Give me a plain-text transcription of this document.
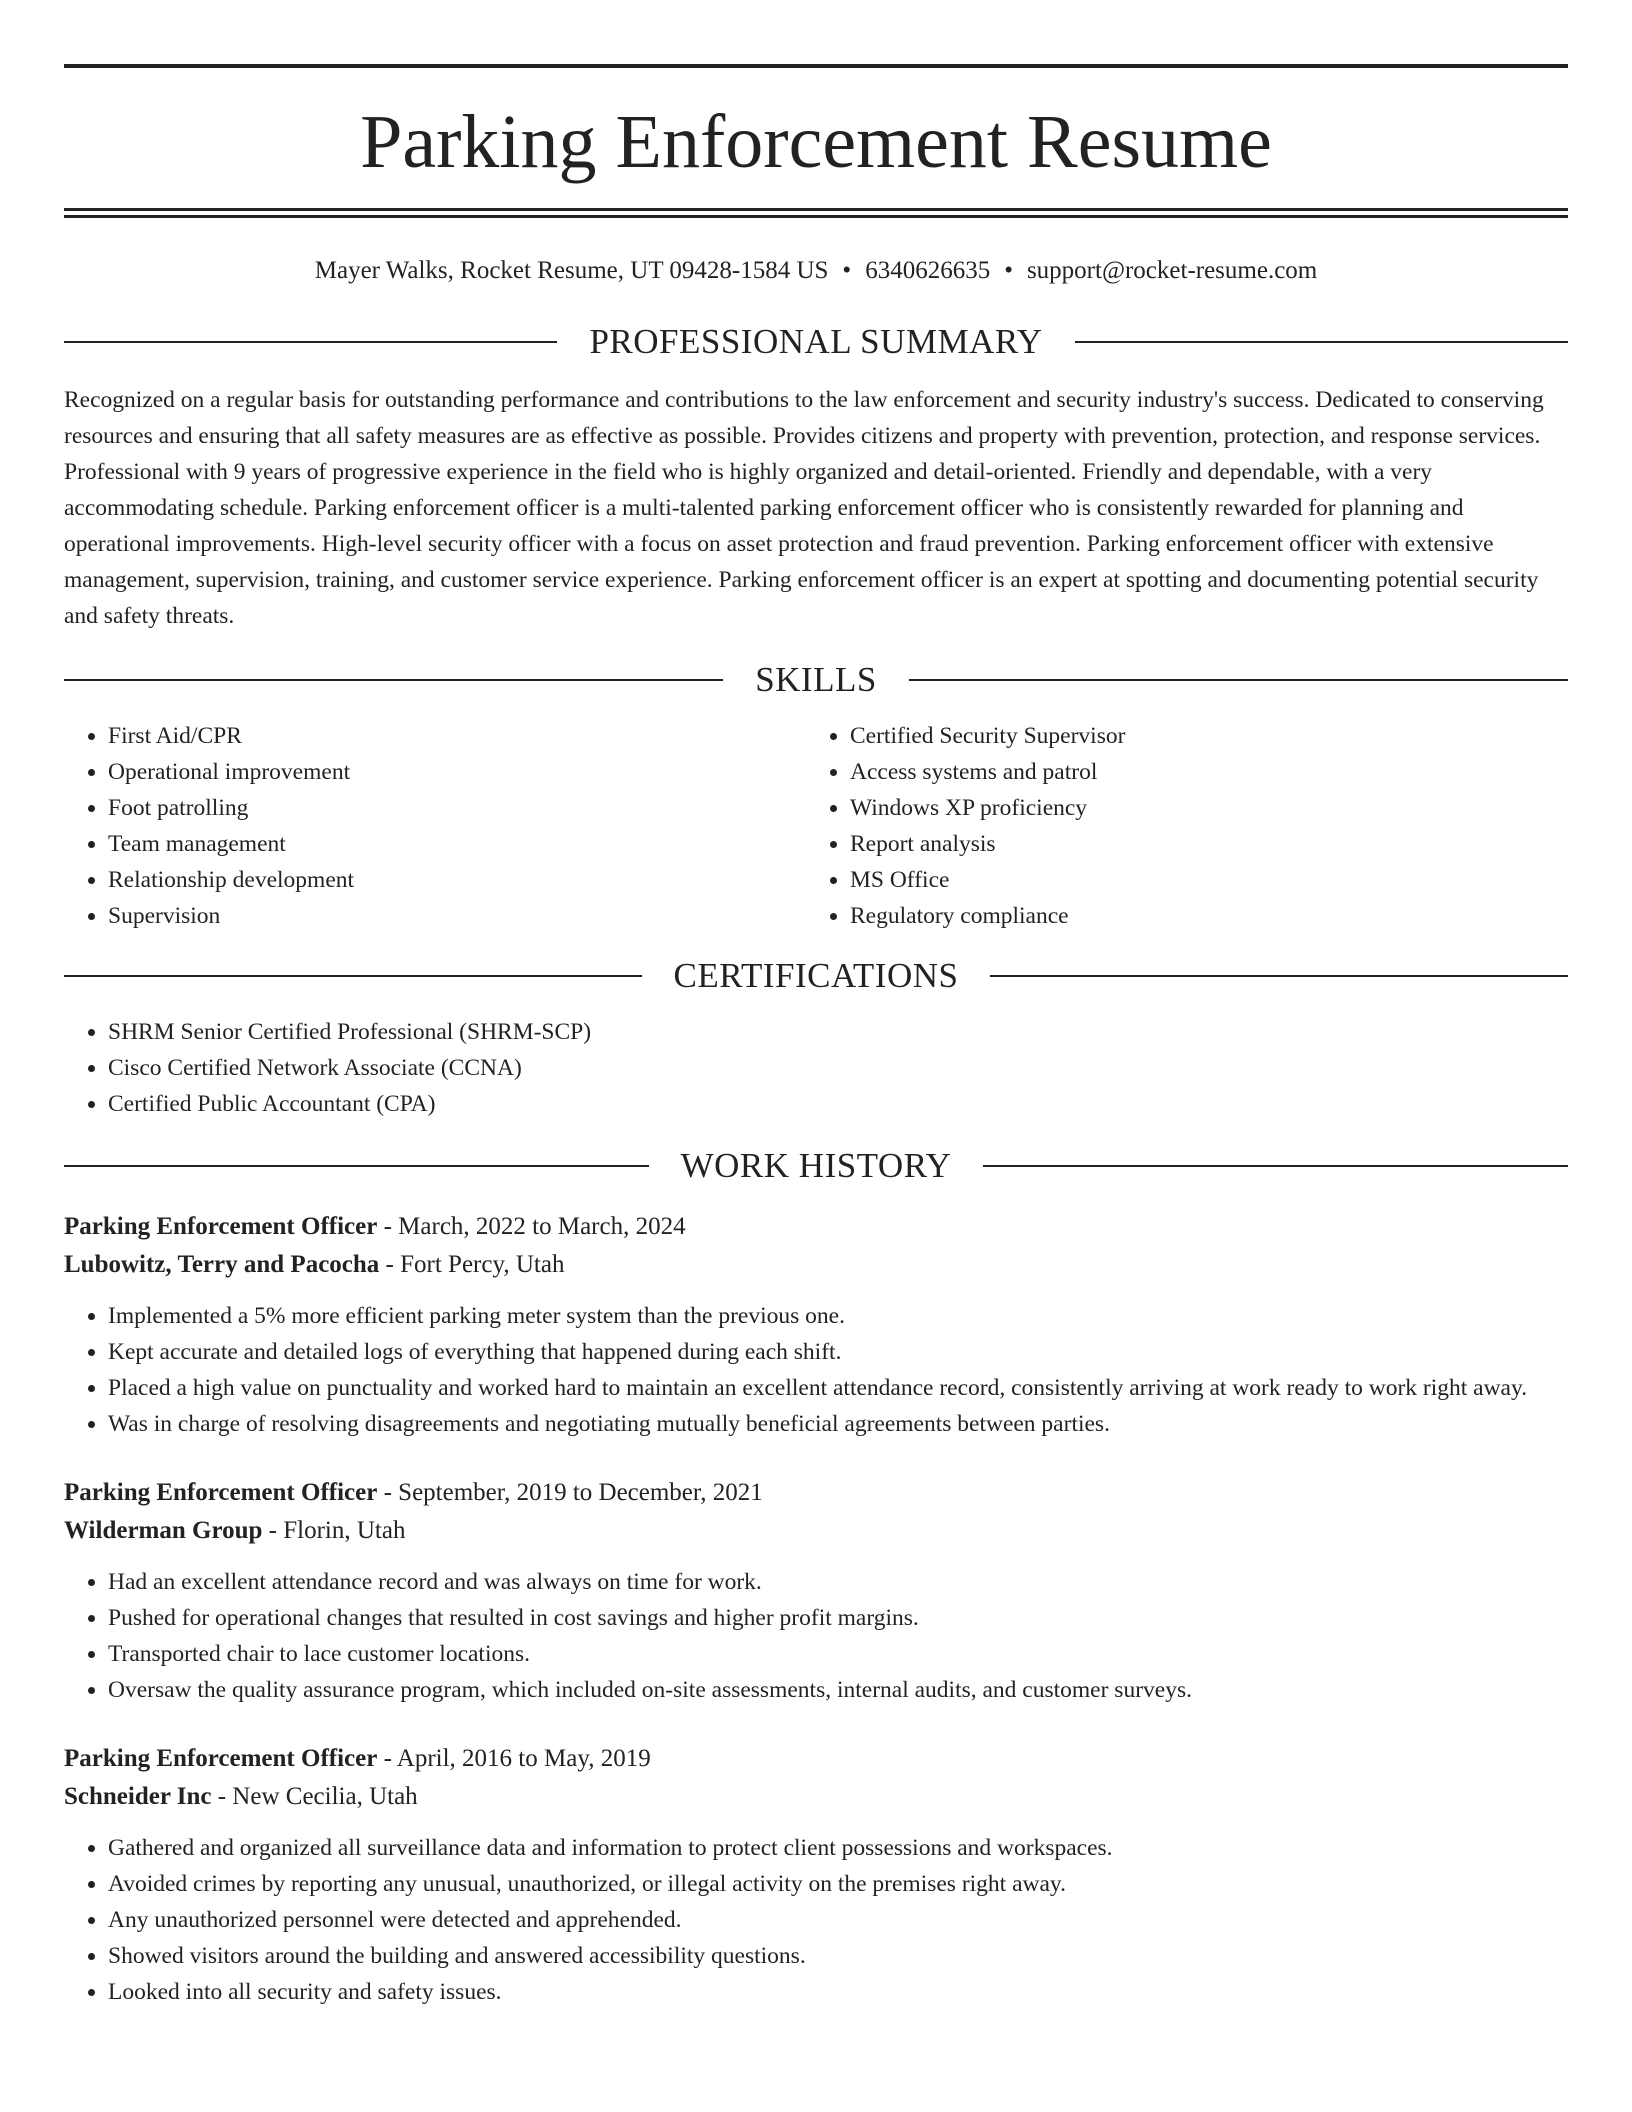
Parking Enforcement Resume
Mayer Walks, Rocket Resume, UT 09428-1584 US • 6340626635 • support@rocket-resume.com
PROFESSIONAL SUMMARY

Recognized on a regular basis for outstanding performance and contributions to the law enforcement and security industry's success. Dedicated to conserving resources and ensuring that all safety measures are as effective as possible. Provides citizens and property with prevention, protection, and response services. Professional with 9 years of progressive experience in the field who is highly organized and detail-oriented. Friendly and dependable, with a very accommodating schedule. Parking enforcement officer is a multi-talented parking enforcement officer who is consistently rewarded for planning and operational improvements. High-level security officer with a focus on asset protection and fraud prevention. Parking enforcement officer with extensive management, supervision, training, and customer service experience. Parking enforcement officer is an expert at spotting and documenting potential security and safety threats.

SKILLS
• First Aid/CPR
• Operational improvement
• Foot patrolling
• Team management
• Relationship development
• Supervision
• Certified Security Supervisor
• Access systems and patrol
• Windows XP proficiency
• Report analysis
• MS Office
• Regulatory compliance
CERTIFICATIONS
• SHRM Senior Certified Professional (SHRM-SCP)
• Cisco Certified Network Associate (CCNA)
• Certified Public Accountant (CPA)
WORK HISTORY
Parking Enforcement Officer - March, 2022 to March, 2024
Lubowitz, Terry and Pacocha - Fort Percy, Utah
• Implemented a 5% more efficient parking meter system than the previous one.
• Kept accurate and detailed logs of everything that happened during each shift.
• Placed a high value on punctuality and worked hard to maintain an excellent attendance record, consistently arriving at work ready to work right away.
• Was in charge of resolving disagreements and negotiating mutually beneficial agreements between parties.
Parking Enforcement Officer - September, 2019 to December, 2021
Wilderman Group - Florin, Utah
• Had an excellent attendance record and was always on time for work.
• Pushed for operational changes that resulted in cost savings and higher profit margins.
• Transported chair to lace customer locations.
• Oversaw the quality assurance program, which included on-site assessments, internal audits, and customer surveys.
Parking Enforcement Officer - April, 2016 to May, 2019
Schneider Inc - New Cecilia, Utah
• Gathered and organized all surveillance data and information to protect client possessions and workspaces.
• Avoided crimes by reporting any unusual, unauthorized, or illegal activity on the premises right away.
• Any unauthorized personnel were detected and apprehended.
• Showed visitors around the building and answered accessibility questions.
• Looked into all security and safety issues.
